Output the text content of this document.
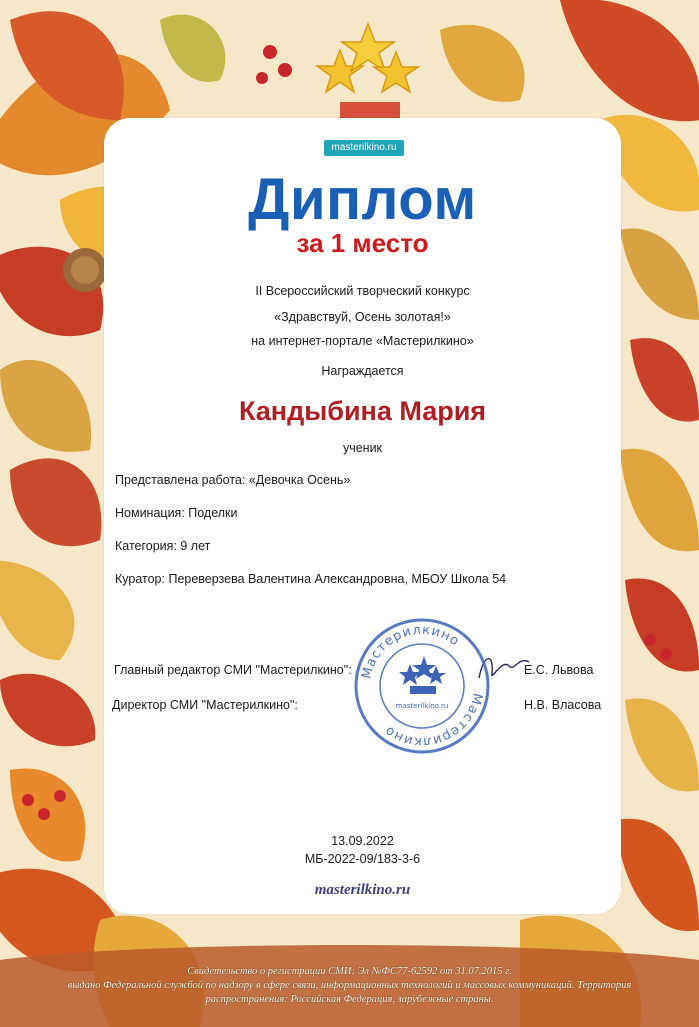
masterilkino.ru
Диплом
за 1 место
II Всероссийский творческий конкурс
«Здравствуй, Осень золотая!»
на интернет-портале «Мастерилкино»
Награждается
Кандыбина Мария
ученик
Представлена работа: «Девочка Осень»
Номинация: Поделки
Категория: 9 лет
Куратор: Переверзева Валентина Александровна, МБОУ Школа 54
Главный редактор СМИ "Мастерилкино":	Е.С. Львова
Директор СМИ "Мастерилкино":	Н.В. Власова
Мастерилкино
Мастерилкино
masterilkino.ru
13.09.2022
МБ-2022-09/183-3-6
masterilkino.ru
Свидетельство о регистрации СМИ: Эл №ФС77-62592 от 31.07.2015 г.
выдано Федеральной службой по надзору в сфере связи, информационных технологий и массовых коммуникаций. Территория
распространения: Российская Федерация, зарубежные страны.
